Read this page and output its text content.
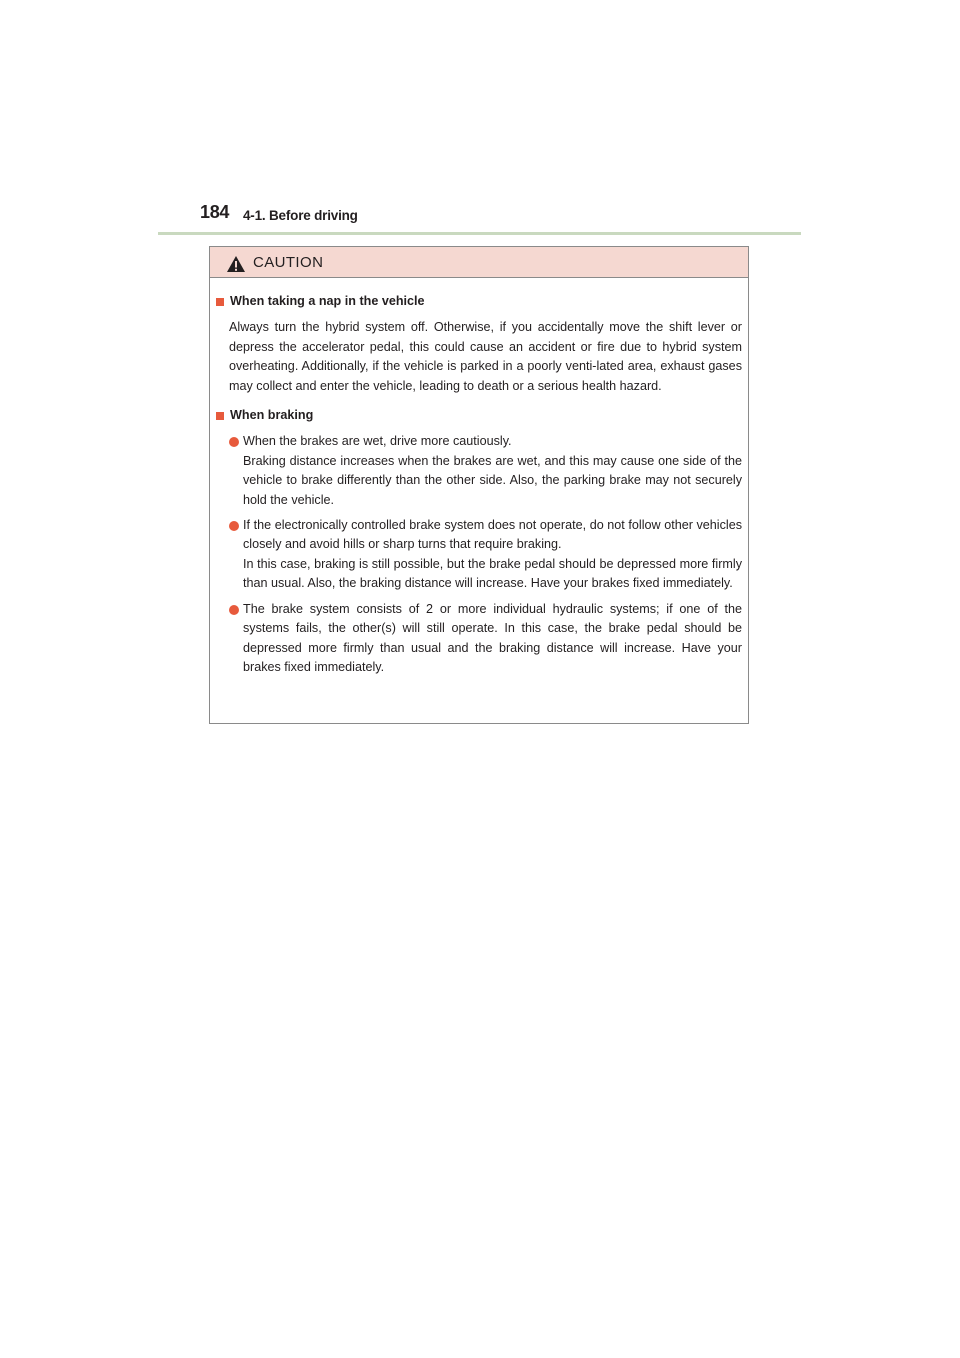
184 4-1. Before driving
CAUTION
When taking a nap in the vehicle

Always turn the hybrid system off. Otherwise, if you accidentally move the shift lever or depress the accelerator pedal, this could cause an accident or fire due to hybrid system overheating. Additionally, if the vehicle is parked in a poorly venti-lated area, exhaust gases may collect and enter the vehicle, leading to death or a serious health hazard.

When braking

When the brakes are wet, drive more cautiously.

Braking distance increases when the brakes are wet, and this may cause one side of the vehicle to brake differently than the other side. Also, the parking brake may not securely hold the vehicle.

If the electronically controlled brake system does not operate, do not follow other vehicles closely and avoid hills or sharp turns that require braking.

In this case, braking is still possible, but the brake pedal should be depressed more firmly than usual. Also, the braking distance will increase. Have your brakes fixed immediately.

The brake system consists of 2 or more individual hydraulic systems; if one of the systems fails, the other(s) will still operate. In this case, the brake pedal should be depressed more firmly than usual and the braking distance will increase. Have your brakes fixed immediately.
